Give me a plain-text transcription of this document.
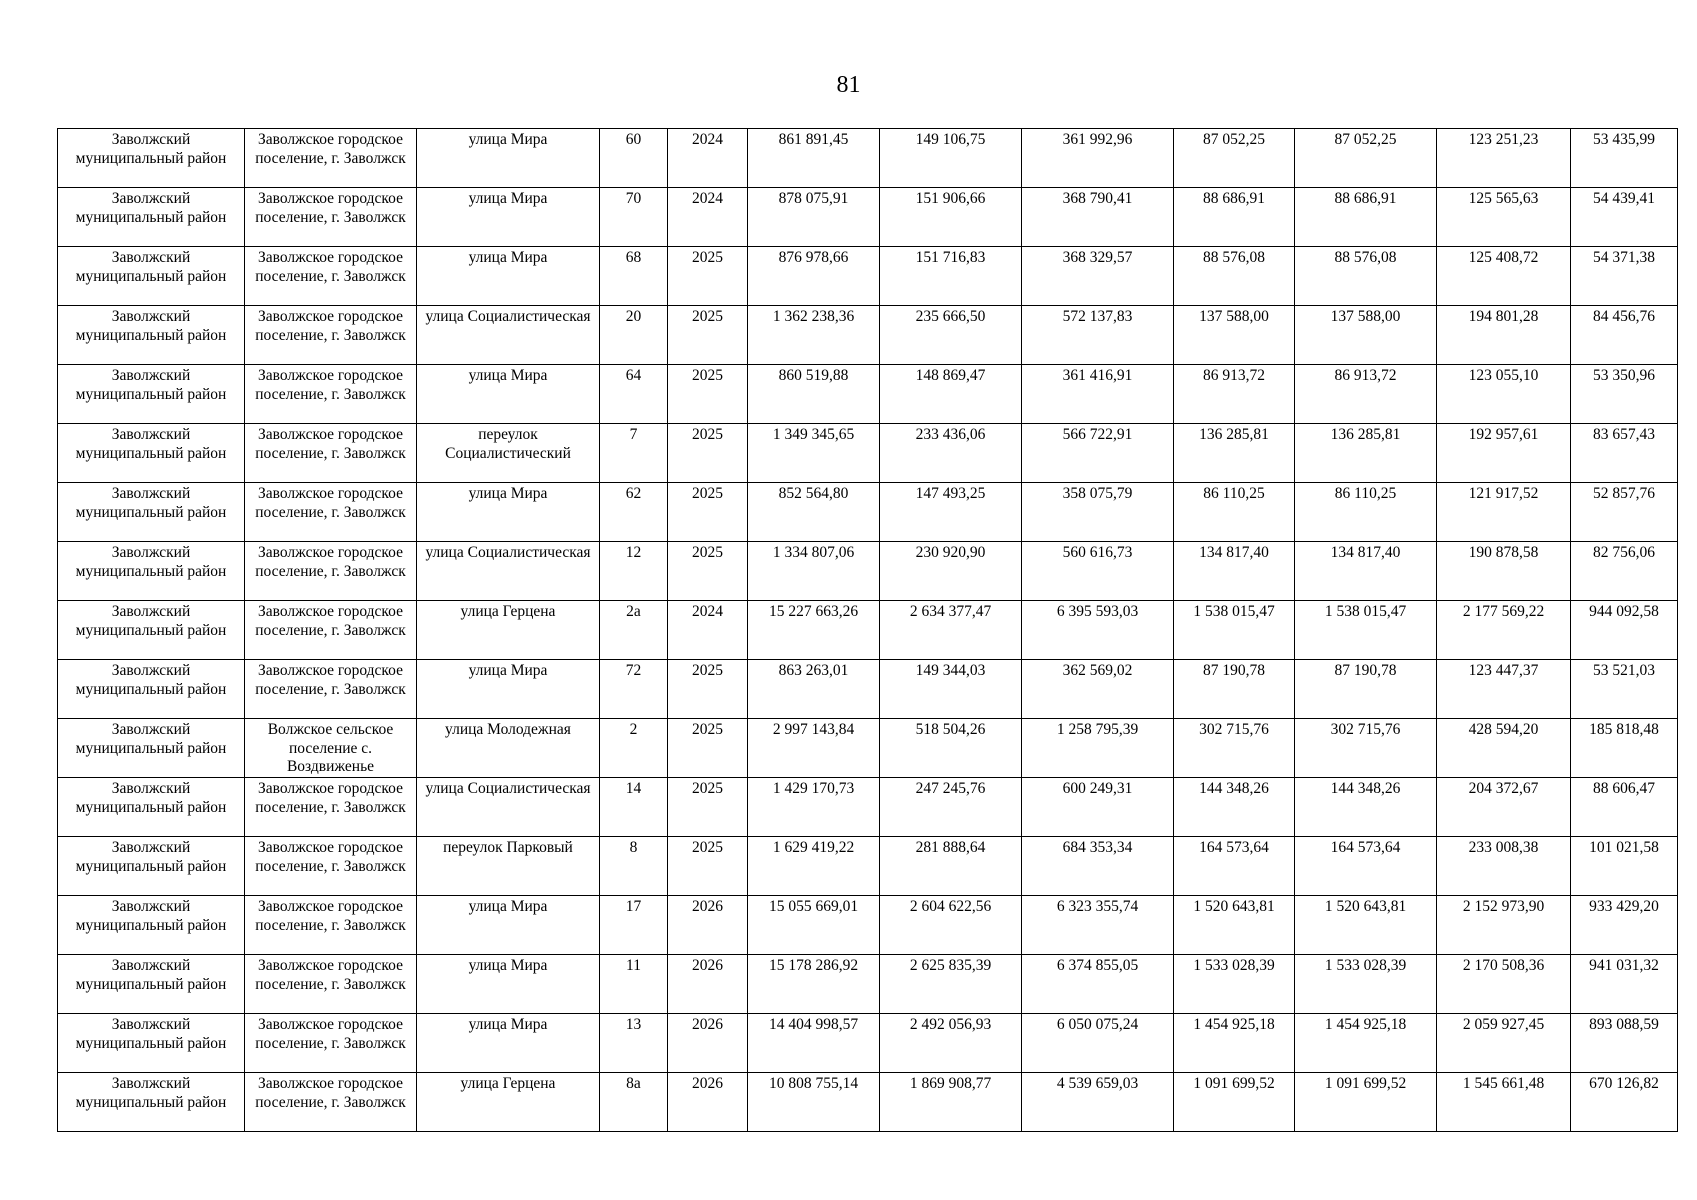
81
Заволжский муниципальный район	Заволжское городское поселение, г. Заволжск	улица Мира	60	2024	861 891,45	149 106,75	361 992,96	87 052,25	87 052,25	123 251,23	53 435,99
Заволжский муниципальный район	Заволжское городское поселение, г. Заволжск	улица Мира	70	2024	878 075,91	151 906,66	368 790,41	88 686,91	88 686,91	125 565,63	54 439,41
Заволжский муниципальный район	Заволжское городское поселение, г. Заволжск	улица Мира	68	2025	876 978,66	151 716,83	368 329,57	88 576,08	88 576,08	125 408,72	54 371,38
Заволжский муниципальный район	Заволжское городское поселение, г. Заволжск	улица Социалистическая	20	2025	1 362 238,36	235 666,50	572 137,83	137 588,00	137 588,00	194 801,28	84 456,76
Заволжский муниципальный район	Заволжское городское поселение, г. Заволжск	улица Мира	64	2025	860 519,88	148 869,47	361 416,91	86 913,72	86 913,72	123 055,10	53 350,96
Заволжский муниципальный район	Заволжское городское поселение, г. Заволжск	переулок Социалистический	7	2025	1 349 345,65	233 436,06	566 722,91	136 285,81	136 285,81	192 957,61	83 657,43
Заволжский муниципальный район	Заволжское городское поселение, г. Заволжск	улица Мира	62	2025	852 564,80	147 493,25	358 075,79	86 110,25	86 110,25	121 917,52	52 857,76
Заволжский муниципальный район	Заволжское городское поселение, г. Заволжск	улица Социалистическая	12	2025	1 334 807,06	230 920,90	560 616,73	134 817,40	134 817,40	190 878,58	82 756,06
Заволжский муниципальный район	Заволжское городское поселение, г. Заволжск	улица Герцена	2а	2024	15 227 663,26	2 634 377,47	6 395 593,03	1 538 015,47	1 538 015,47	2 177 569,22	944 092,58
Заволжский муниципальный район	Заволжское городское поселение, г. Заволжск	улица Мира	72	2025	863 263,01	149 344,03	362 569,02	87 190,78	87 190,78	123 447,37	53 521,03
Заволжский муниципальный район	Волжское сельское поселение с. Воздвиженье	улица Молодежная	2	2025	2 997 143,84	518 504,26	1 258 795,39	302 715,76	302 715,76	428 594,20	185 818,48
Заволжский муниципальный район	Заволжское городское поселение, г. Заволжск	улица Социалистическая	14	2025	1 429 170,73	247 245,76	600 249,31	144 348,26	144 348,26	204 372,67	88 606,47
Заволжский муниципальный район	Заволжское городское поселение, г. Заволжск	переулок Парковый	8	2025	1 629 419,22	281 888,64	684 353,34	164 573,64	164 573,64	233 008,38	101 021,58
Заволжский муниципальный район	Заволжское городское поселение, г. Заволжск	улица Мира	17	2026	15 055 669,01	2 604 622,56	6 323 355,74	1 520 643,81	1 520 643,81	2 152 973,90	933 429,20
Заволжский муниципальный район	Заволжское городское поселение, г. Заволжск	улица Мира	11	2026	15 178 286,92	2 625 835,39	6 374 855,05	1 533 028,39	1 533 028,39	2 170 508,36	941 031,32
Заволжский муниципальный район	Заволжское городское поселение, г. Заволжск	улица Мира	13	2026	14 404 998,57	2 492 056,93	6 050 075,24	1 454 925,18	1 454 925,18	2 059 927,45	893 088,59
Заволжский муниципальный район	Заволжское городское поселение, г. Заволжск	улица Герцена	8а	2026	10 808 755,14	1 869 908,77	4 539 659,03	1 091 699,52	1 091 699,52	1 545 661,48	670 126,82
